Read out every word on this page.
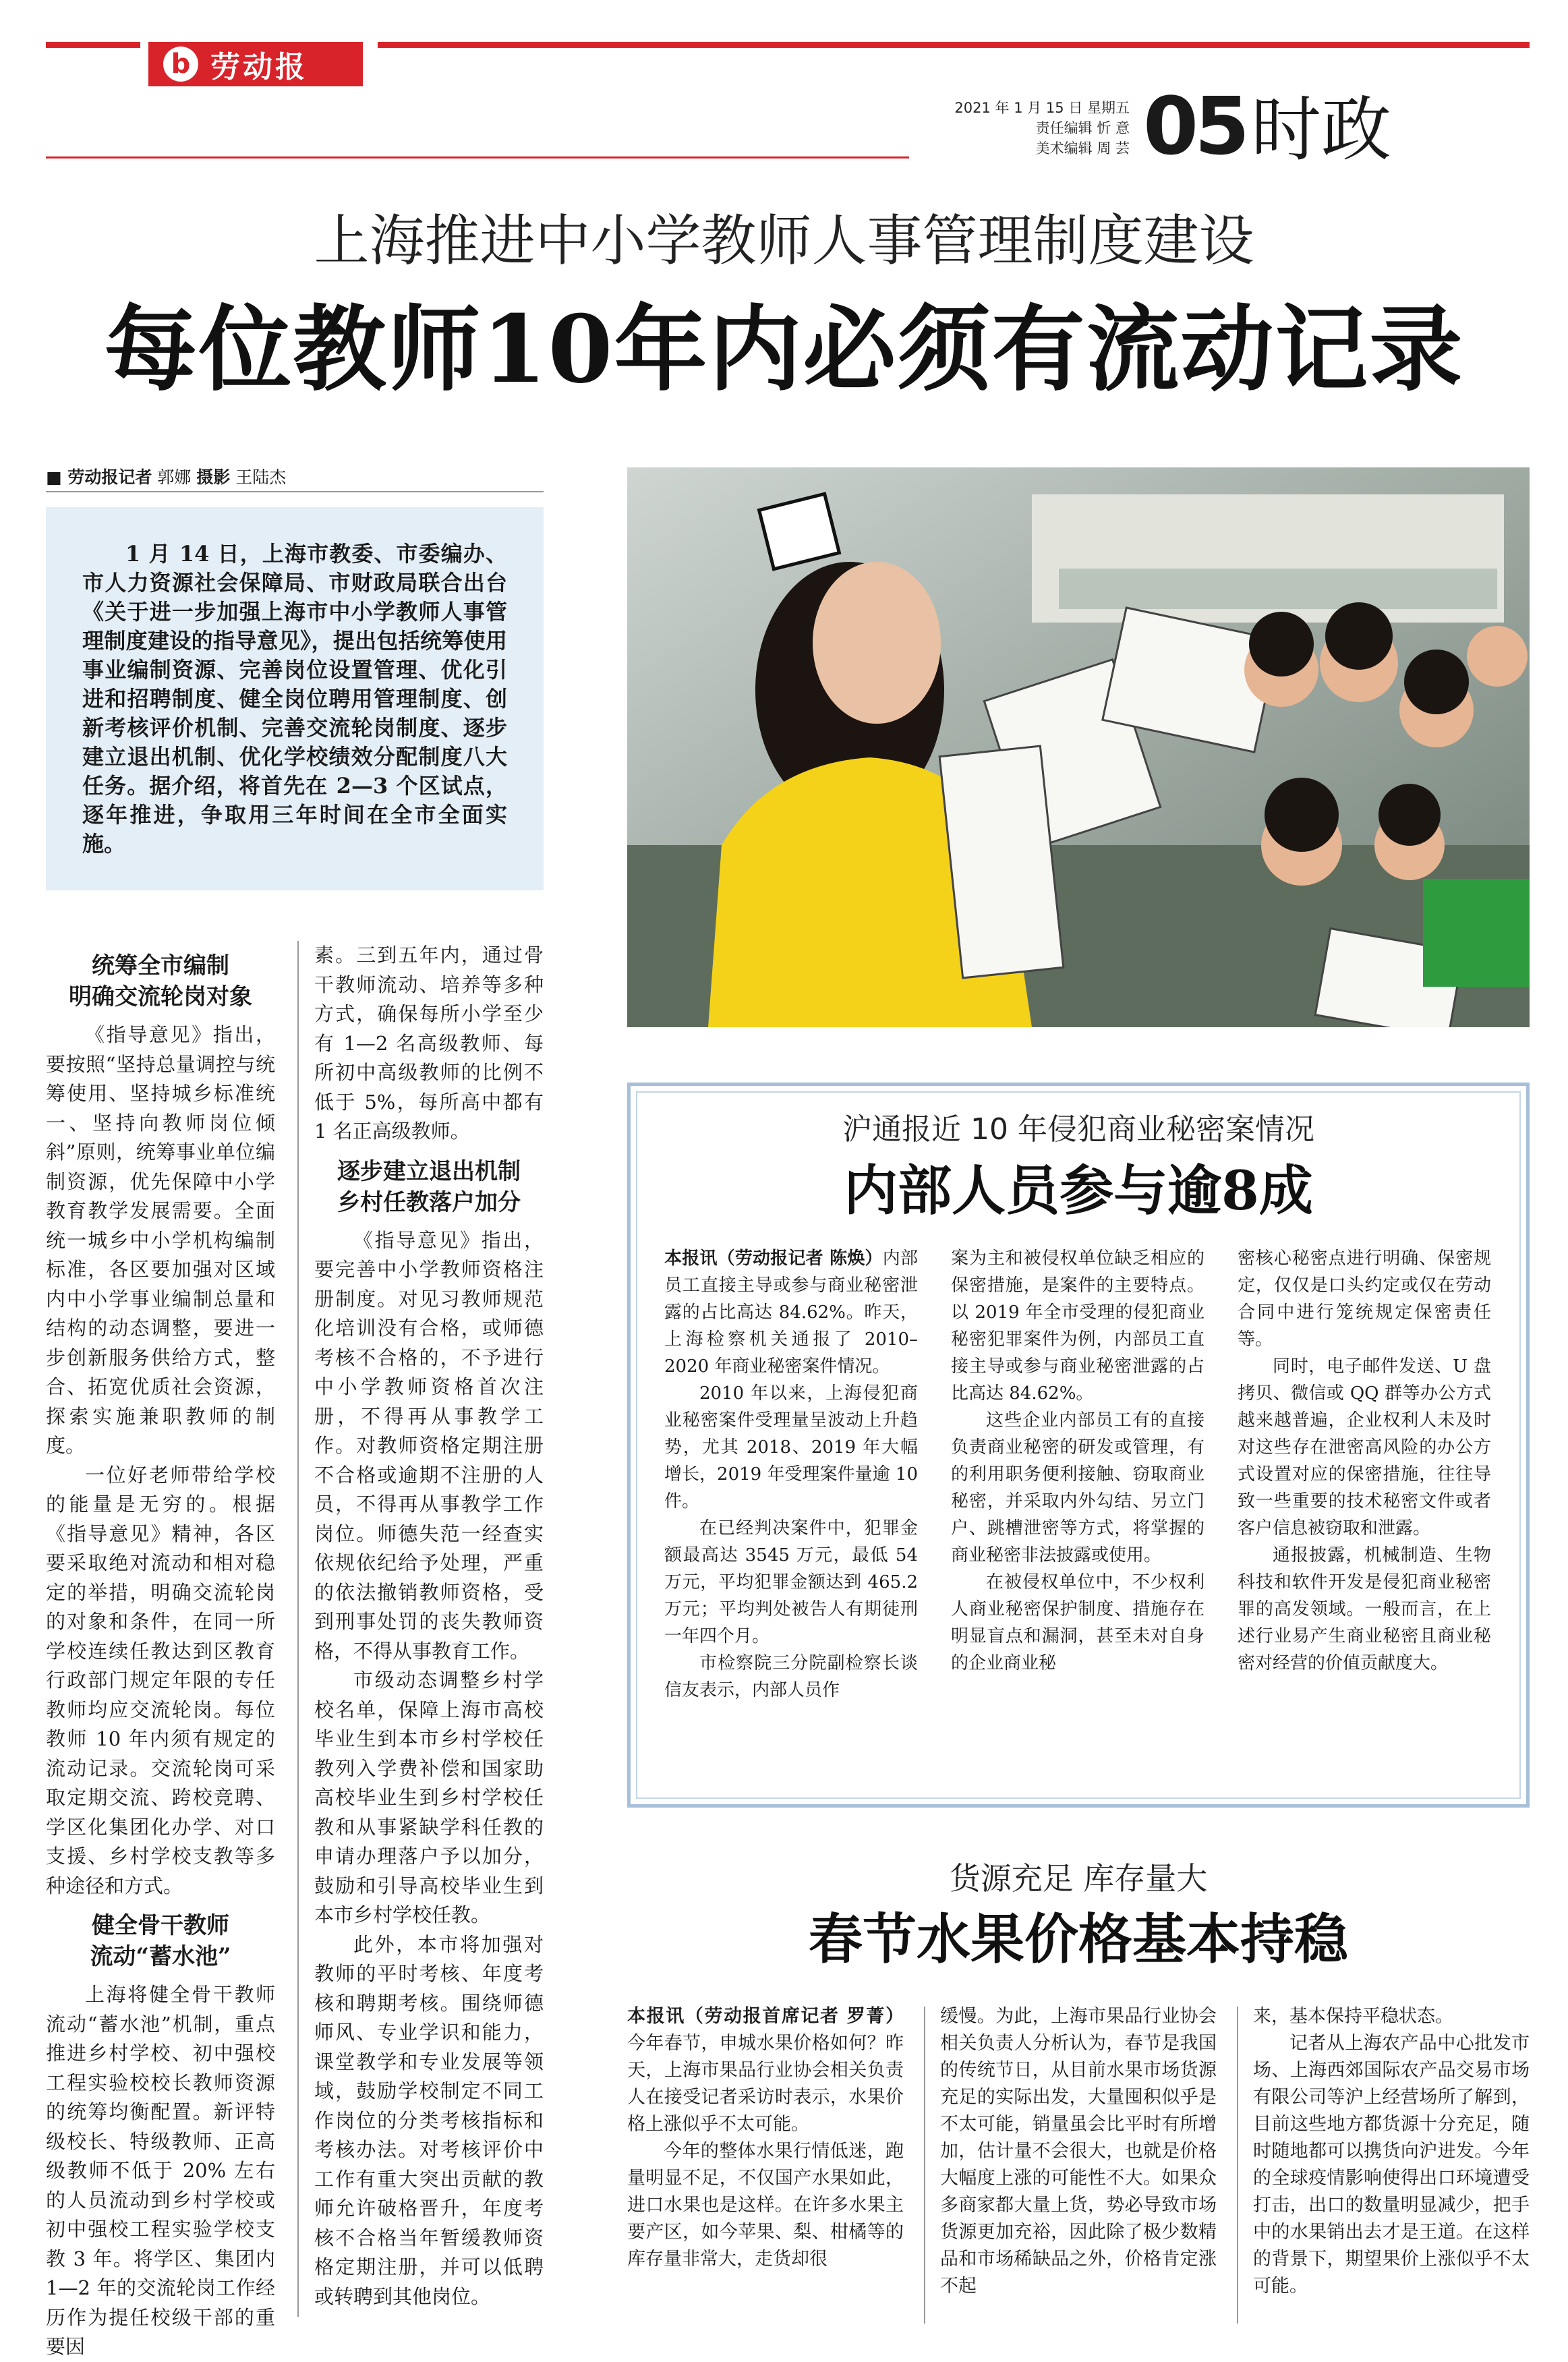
b 劳动报
2021 年 1 月 15 日 星期五
责任编辑 忻 意
美术编辑 周 芸 05 时政
上海推进中小学教师人事管理制度建设
每位教师10年内必须有流动记录
■ 劳动报记者 郭娜 摄影 王陆杰

1 月 14 日，上海市教委、市委编办、市人力资源社会保障局、市财政局联合出台《关于进一步加强上海市中小学教师人事管理制度建设的指导意见》，提出包括统筹使用事业编制资源、完善岗位设置管理、优化引进和招聘制度、健全岗位聘用管理制度、创新考核评价机制、完善交流轮岗制度、逐步建立退出机制、优化学校绩效分配制度八大任务。据介绍，将首先在 2—3 个区试点，逐年推进，争取用三年时间在全市全面实施。

统筹全市编制
明确交流轮岗对象

《指导意见》指出，要按照“坚持总量调控与统筹使用、坚持城乡标准统一、坚持向教师岗位倾斜”原则，统筹事业单位编制资源，优先保障中小学教育教学发展需要。全面统一城乡中小学机构编制标准，各区要加强对区域内中小学事业编制总量和结构的动态调整，要进一步创新服务供给方式，整合、拓宽优质社会资源，探索实施兼职教师的制度。

一位好老师带给学校的能量是无穷的。根据《指导意见》精神，各区要采取绝对流动和相对稳定的举措，明确交流轮岗的对象和条件，在同一所学校连续任教达到区教育行政部门规定年限的专任教师均应交流轮岗。每位教师 10 年内须有规定的流动记录。交流轮岗可采取定期交流、跨校竞聘、学区化集团化办学、对口支援、乡村学校支教等多种途径和方式。

健全骨干教师
流动“蓄水池”

上海将健全骨干教师流动“蓄水池”机制，重点推进乡村学校、初中强校工程实验校校长教师资源的统筹均衡配置。新评特级校长、特级教师、正高级教师不低于 20% 左右的人员流动到乡村学校或初中强校工程实验学校支教 3 年。将学区、集团内 1—2 年的交流轮岗工作经历作为提任校级干部的重要因

素。三到五年内，通过骨干教师流动、培养等多种方式，确保每所小学至少有 1—2 名高级教师、每所初中高级教师的比例不低于 5%，每所高中都有 1 名正高级教师。

逐步建立退出机制
乡村任教落户加分

《指导意见》指出，要完善中小学教师资格注册制度。对见习教师规范化培训没有合格，或师德考核不合格的，不予进行中小学教师资格首次注册，不得再从事教学工作。对教师资格定期注册不合格或逾期不注册的人员，不得再从事教学工作岗位。师德失范一经查实依规依纪给予处理，严重的依法撤销教师资格，受到刑事处罚的丧失教师资格，不得从事教育工作。

市级动态调整乡村学校名单，保障上海市高校毕业生到本市乡村学校任教列入学费补偿和国家助高校毕业生到乡村学校任教和从事紧缺学科任教的申请办理落户予以加分，鼓励和引导高校毕业生到本市乡村学校任教。

此外，本市将加强对教师的平时考核、年度考核和聘期考核。围绕师德师风、专业学识和能力，课堂教学和专业发展等领域，鼓励学校制定不同工作岗位的分类考核指标和考核办法。对考核评价中工作有重大突出贡献的教师允许破格晋升，年度考核不合格当年暂缓教师资格定期注册，并可以低聘或转聘到其他岗位。

沪通报近 10 年侵犯商业秘密案情况
内部人员参与逾8成

本报讯（劳动报记者 陈焕）内部员工直接主导或参与商业秘密泄露的占比高达 84.62%。昨天，上海检察机关通报了 2010–2020 年商业秘密案件情况。

2010 年以来，上海侵犯商业秘密案件受理量呈波动上升趋势，尤其 2018、2019 年大幅增长，2019 年受理案件量逾 10 件。

在已经判决案件中，犯罪金额最高达 3545 万元，最低 54 万元，平均犯罪金额达到 465.2 万元；平均判处被告人有期徒刑一年四个月。

市检察院三分院副检察长谈信友表示，内部人员作

案为主和被侵权单位缺乏相应的保密措施，是案件的主要特点。以 2019 年全市受理的侵犯商业秘密犯罪案件为例，内部员工直接主导或参与商业秘密泄露的占比高达 84.62%。

这些企业内部员工有的直接负责商业秘密的研发或管理，有的利用职务便利接触、窃取商业秘密，并采取内外勾结、另立门户、跳槽泄密等方式，将掌握的商业秘密非法披露或使用。

在被侵权单位中，不少权利人商业秘密保护制度、措施存在明显盲点和漏洞，甚至未对自身的企业商业秘

密核心秘密点进行明确、保密规定，仅仅是口头约定或仅在劳动合同中进行笼统规定保密责任等。

同时，电子邮件发送、U 盘拷贝、微信或 QQ 群等办公方式越来越普遍，企业权利人未及时对这些存在泄密高风险的办公方式设置对应的保密措施，往往导致一些重要的技术秘密文件或者客户信息被窃取和泄露。

通报披露，机械制造、生物科技和软件开发是侵犯商业秘密罪的高发领域。一般而言，在上述行业易产生商业秘密且商业秘密对经营的价值贡献度大。

货源充足 库存量大
春节水果价格基本持稳

本报讯（劳动报首席记者 罗菁）今年春节，申城水果价格如何？昨天，上海市果品行业协会相关负责人在接受记者采访时表示，水果价格上涨似乎不太可能。

今年的整体水果行情低迷，跑量明显不足，不仅国产水果如此，进口水果也是这样。在许多水果主要产区，如今苹果、梨、柑橘等的库存量非常大，走货却很

缓慢。为此，上海市果品行业协会相关负责人分析认为，春节是我国的传统节日，从目前水果市场货源充足的实际出发，大量囤积似乎是不太可能，销量虽会比平时有所增加，估计量不会很大，也就是价格大幅度上涨的可能性不大。如果众多商家都大量上货，势必导致市场货源更加充裕，因此除了极少数精品和市场稀缺品之外，价格肯定涨不起

来，基本保持平稳状态。

记者从上海农产品中心批发市场、上海西郊国际农产品交易市场有限公司等沪上经营场所了解到，目前这些地方都货源十分充足，随时随地都可以携货向沪进发。今年的全球疫情影响使得出口环境遭受打击，出口的数量明显减少，把手中的水果销出去才是王道。在这样的背景下，期望果价上涨似乎不太可能。
